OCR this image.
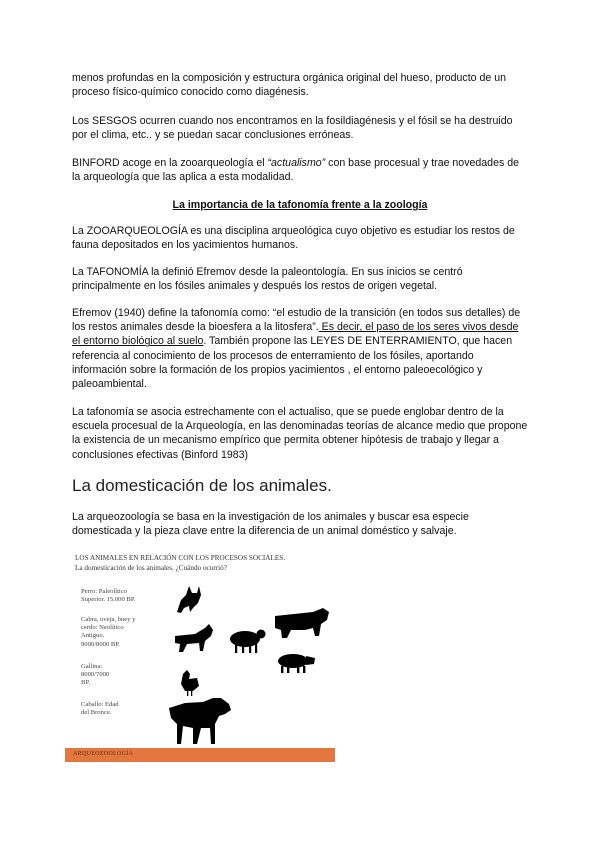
menos profundas en la composición y estructura orgánica original del hueso, producto de un proceso físico-químico conocido como diagénesis.

Los SESGOS ocurren cuando nos encontramos en la fosildiagénesis y el fósil se ha destruido por el clima, etc.. y se puedan sacar conclusiones erróneas.

BINFORD acoge en la zooarqueología el “actualismo” con base procesual y trae novedades de la arqueología que las aplica a esta modalidad.

La importancia de la tafonomía frente a la zoología

La ZOOARQUEOLOGÍA es una disciplina arqueológica cuyo objetivo es estudiar los restos de fauna depositados en los yacimientos humanos.

La TAFONOMÍA la definió Efremov desde la paleontología. En sus inicios se centró principalmente en los fósiles animales y después los restos de origen vegetal.

Efremov (1940) define la tafonomía como: “el estudio de la transición (en todos sus detalles) de los restos animales desde la bioesfera a la litosfera”. Es decir, el paso de los seres vivos desde el entorno biológico al suelo. También propone las LEYES DE ENTERRAMIENTO, que hacen referencia al conocimiento de los procesos de enterramiento de los fósiles, aportando información sobre la formación de los propios yacimientos , el entorno paleoecológico y paleoambiental.

La tafonomía se asocia estrechamente con el actualiso, que se puede englobar dentro de la escuela procesual de la Arqueología, en las denominadas teorías de alcance medio que propone la existencia de un mecanismo empírico que permita obtener hipótesis de trabajo y llegar a conclusiones efectivas (Binford 1983)

La domesticación de los animales.

La arqueozoología se basa en la investigación de los animales y buscar esa especie domesticada y la pieza clave entre la diferencia de un animal doméstico y salvaje.

LOS ANIMALES EN RELACIÓN CON LOS PROCESOS SOCIALES.
La domesticación de los animales. ¿Cuándo ocurrió?
Perro: Paleolítico
Superior. 15.000 BP.
Cabra, oveja, buey y
cerdo: Neolítico
Antiguo.
9000/8000 BP.
Gallina:
8000/7000
BP.
Caballo: Edad
del Bronce.
ARQUEOZOOLOGÍA
